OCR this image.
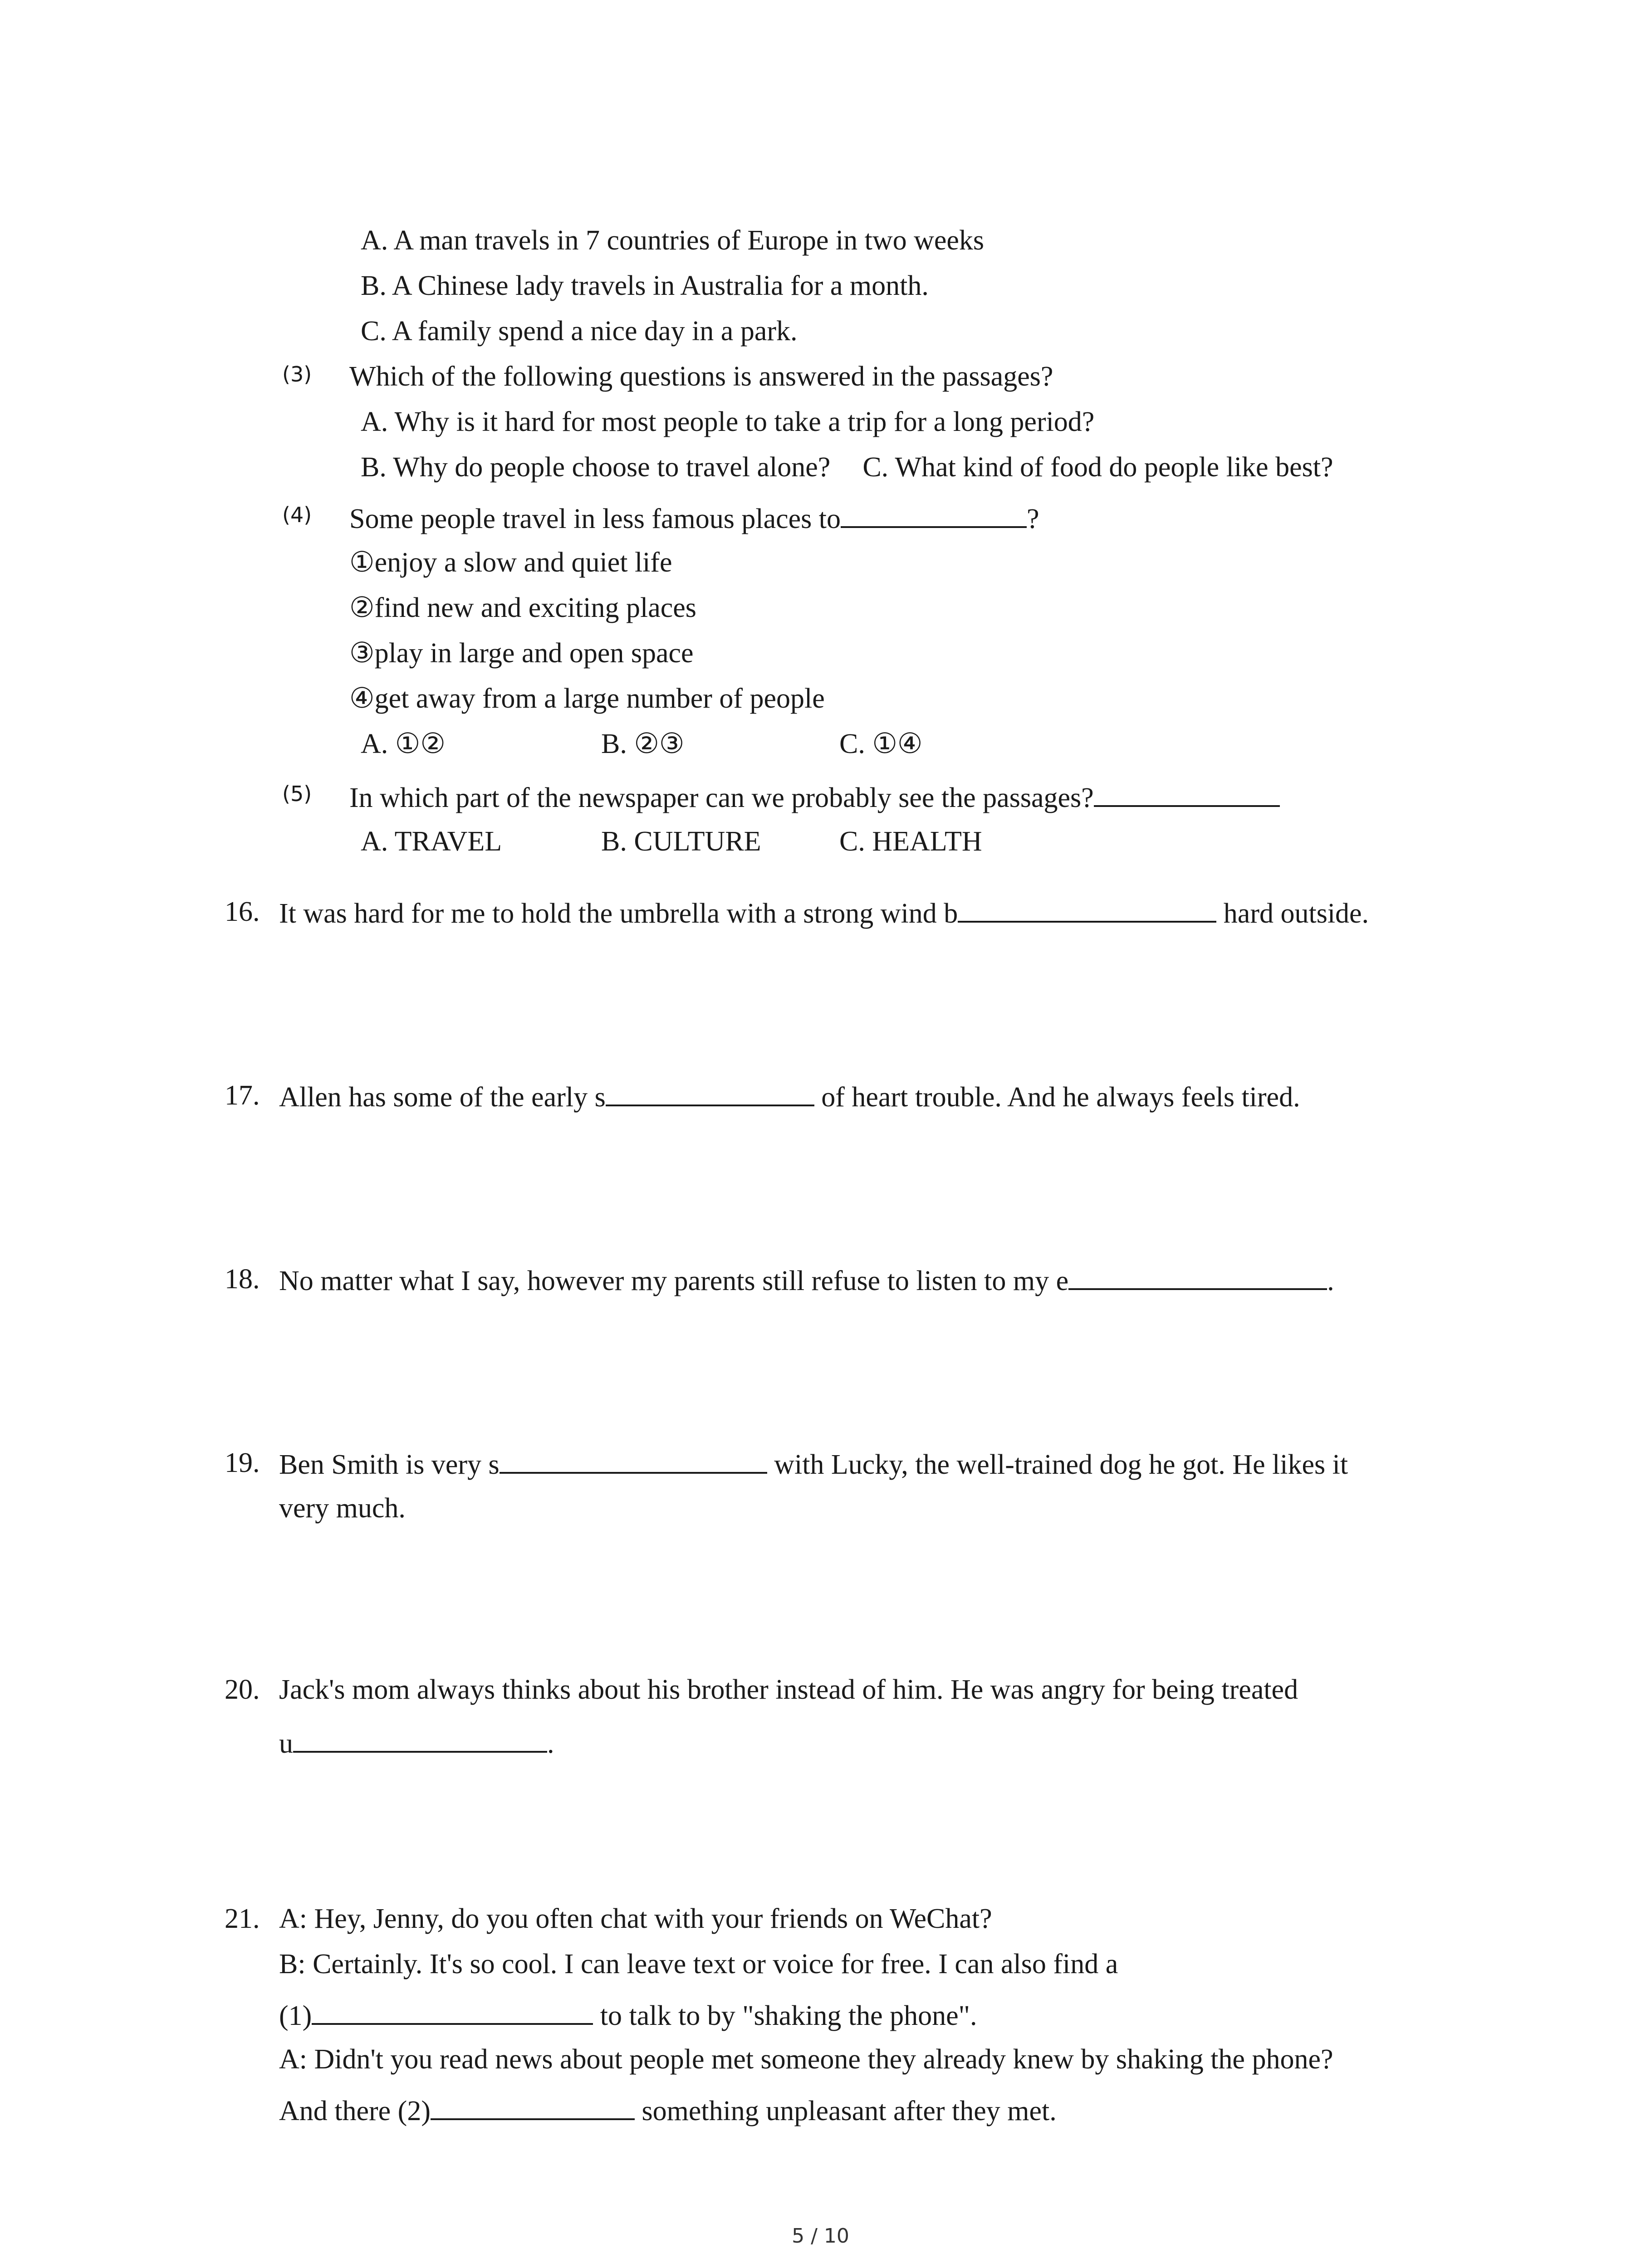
A. A man travels in 7 countries of Europe in two weeks
B. A Chinese lady travels in Australia for a month.
C. A family spend a nice day in a park.
(3) Which of the following questions is answered in the passages?
A. Why is it hard for most people to take a trip for a long period?
B. Why do people choose to travel alone? C. What kind of food do people like best?
(4) Some people travel in less famous places to	?
①enjoy a slow and quiet life
②find new and exciting places
③play in large and open space
④get away from a large number of people
A. ①②	B. ②③	C. ①④
(5) In which part of the newspaper can we probably see the passages?
A. TRAVEL	B. CULTURE	C. HEALTH
16. It was hard for me to hold the umbrella with a strong wind b	hard outside.
17. Allen has some of the early s	of heart trouble. And he always feels tired.
18. No matter what I say, however my parents still refuse to listen to my e	.
19. Ben Smith is very s	with Lucky, the well-trained dog he got. He likes it
very much.
20. Jack's mom always thinks about his brother instead of him. He was angry for being treated
u	.
21. A: Hey, Jenny, do you often chat with your friends on WeChat?
B: Certainly. It's so cool. I can leave text or voice for free. I can also find a
(1)	to talk to by "shaking the phone".
A: Didn't you read news about people met someone they already knew by shaking the phone?
And there (2)	something unpleasant after they met.
5 / 10
